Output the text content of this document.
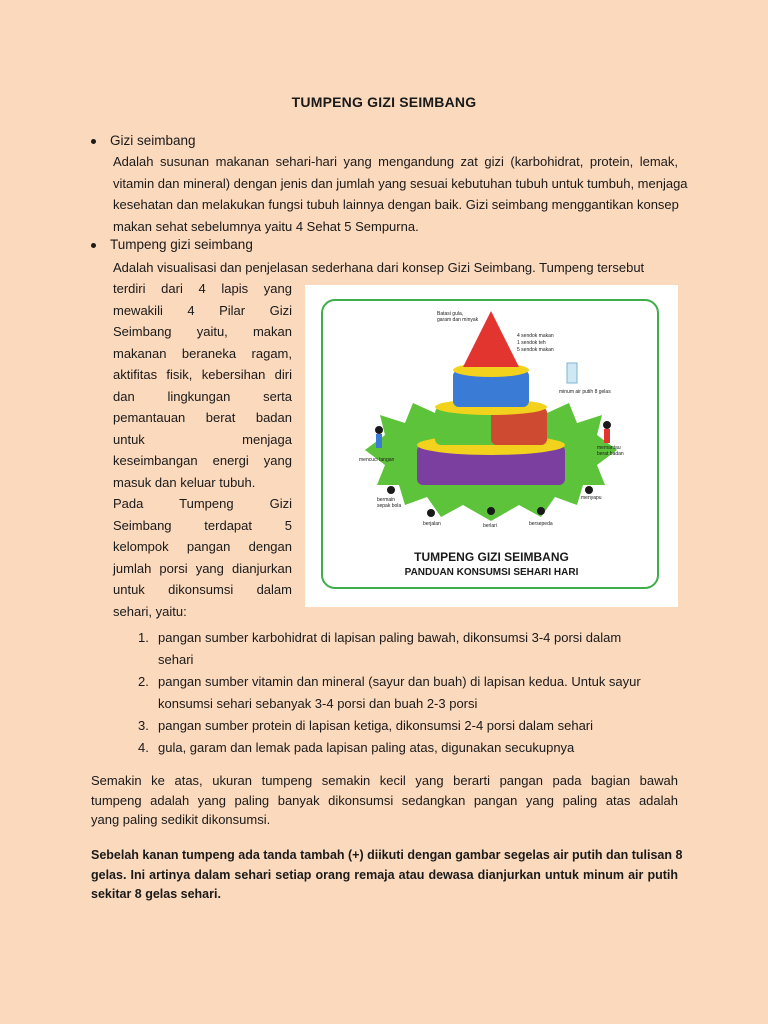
TUMPENG GIZI SEIMBANG
Gizi seimbang
Adalah susunan makanan sehari-hari yang mengandung zat gizi (karbohidrat, protein, lemak,
vitamin dan mineral) dengan jenis dan jumlah yang sesuai kebutuhan tubuh untuk tumbuh, menjaga
kesehatan dan melakukan fungsi tubuh lainnya dengan baik. Gizi seimbang menggantikan konsep
makan sehat sebelumnya yaitu 4 Sehat 5 Sempurna.
Tumpeng gizi seimbang
Adalah visualisasi dan penjelasan sederhana dari konsep Gizi Seimbang. Tumpeng tersebut
terdiri dari 4 lapis yang
mewakili 4 Pilar Gizi
Seimbang yaitu, makan
makanan beraneka ragam,
aktifitas fisik, kebersihan diri
dan lingkungan serta
pemantauan berat badan
untuk menjaga
keseimbangan energi yang
masuk dan keluar tubuh.
Pada Tumpeng Gizi
Seimbang terdapat 5
kelompok pangan dengan
jumlah porsi yang dianjurkan
untuk dikonsumsi dalam
sehari, yaitu:
Batasi gula,
garam dan minyak
4 sendok makan
1 sendok teh
5 sendok makan
minum air putih 8 gelas
mencuci tangan
memantau
berat badan
bermain
sepak bola
berjalan	berlari	bersepeda
menyapu
TUMPENG GIZI SEIMBANG
PANDUAN KONSUMSI SEHARI HARI
1. pangan sumber karbohidrat di lapisan paling bawah, dikonsumsi 3-4 porsi dalam
sehari
2. pangan sumber vitamin dan mineral (sayur dan buah) di lapisan kedua. Untuk sayur
konsumsi sehari sebanyak 3-4 porsi dan buah 2-3 porsi
3. pangan sumber protein di lapisan ketiga, dikonsumsi 2-4 porsi dalam sehari
4. gula, garam dan lemak pada lapisan paling atas, digunakan secukupnya
Semakin ke atas, ukuran tumpeng semakin kecil yang berarti pangan pada bagian bawah
tumpeng adalah yang paling banyak dikonsumsi sedangkan pangan yang paling atas adalah
yang paling sedikit dikonsumsi.
Sebelah kanan tumpeng ada tanda tambah (+) diikuti dengan gambar segelas air putih dan tulisan 8
gelas. Ini artinya dalam sehari setiap orang remaja atau dewasa dianjurkan untuk minum air putih
sekitar 8 gelas sehari.
